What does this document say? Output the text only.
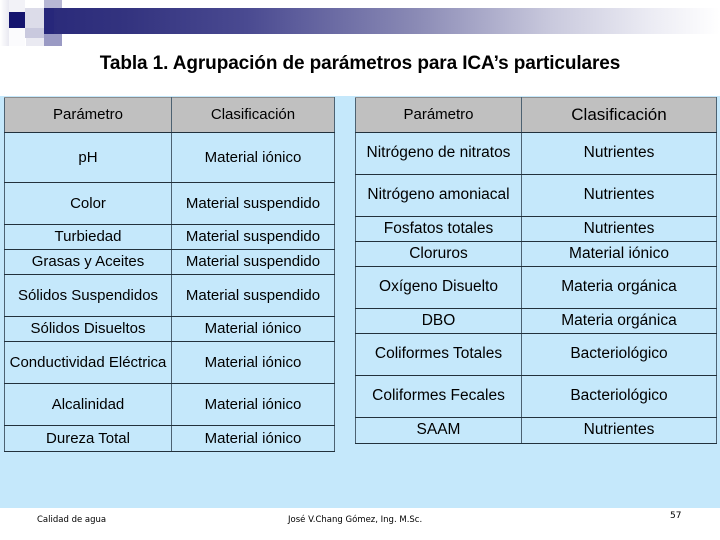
Tabla 1. Agrupación de parámetros para ICA’s particulares
Parámetro	Clasificación
pH	Material iónico
Color	Material suspendido
Turbiedad	Material suspendido
Grasas y Aceites	Material suspendido
Sólidos Suspendidos	Material suspendido
Sólidos Disueltos	Material iónico
Conductividad Eléctrica	Material iónico
Alcalinidad	Material iónico
Dureza Total	Material iónico
Parámetro	Clasificación
Nitrógeno de nitratos	Nutrientes
Nitrógeno amoniacal	Nutrientes
Fosfatos totales	Nutrientes
Cloruros	Material iónico
Oxígeno Disuelto	Materia orgánica
DBO	Materia orgánica
Coliformes Totales	Bacteriológico
Coliformes Fecales	Bacteriológico
SAAM	Nutrientes
Calidad de agua	José V.Chang Gómez, Ing. M.Sc.	57
